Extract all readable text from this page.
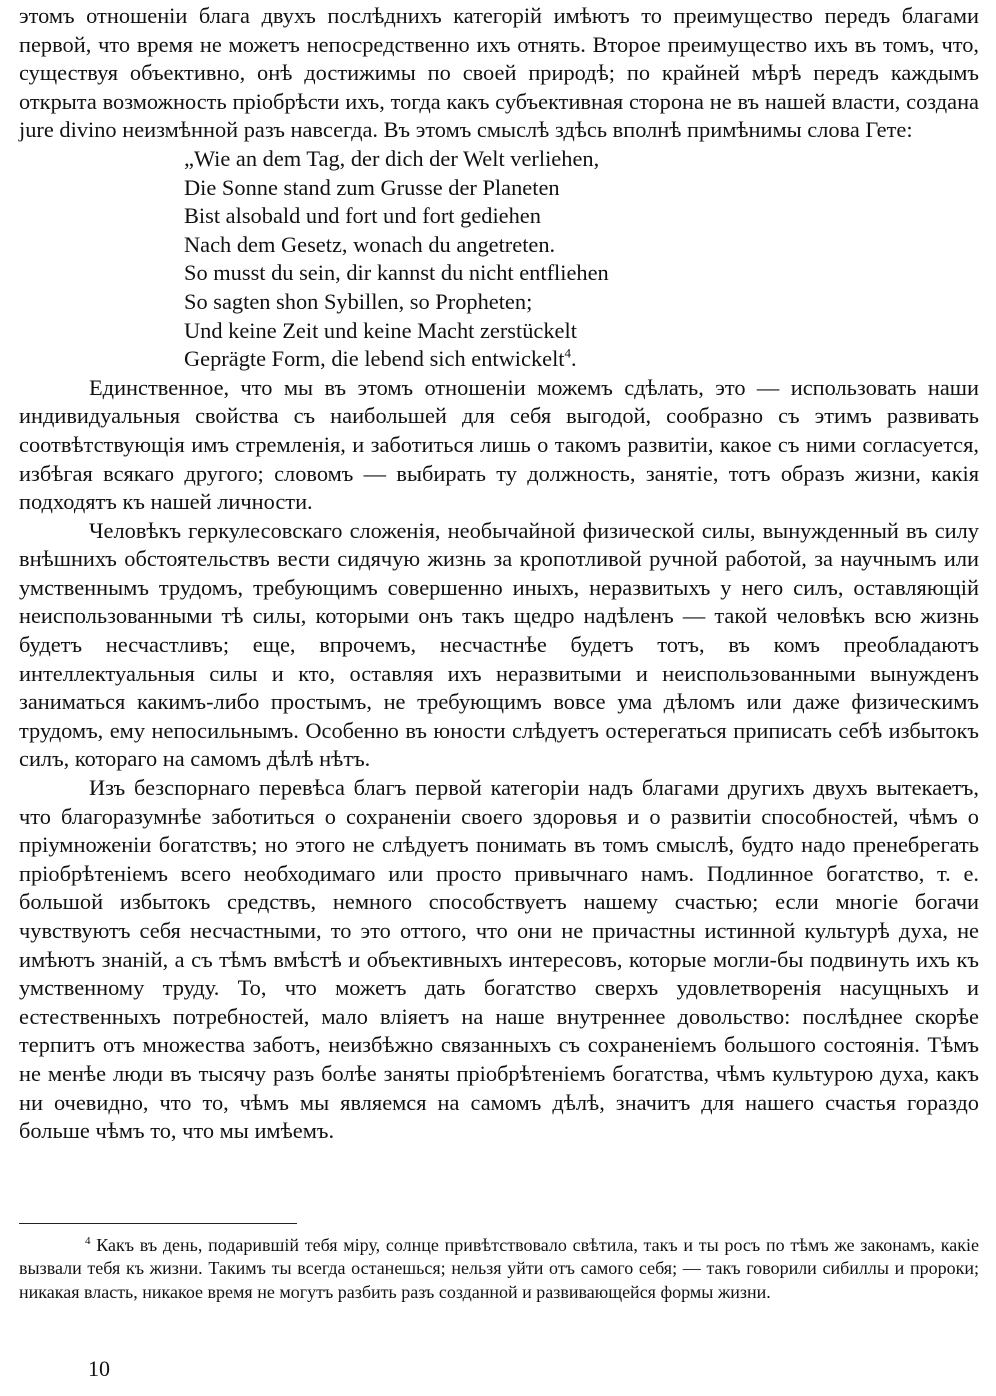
этомъ отношенiи блага двухъ послѣднихъ категорiй имѣютъ то преимущество передъ благами первой, что время не можетъ непосредственно ихъ отнять. Второе преимущество ихъ въ томъ, что, существуя объективно, онѣ достижимы по своей природѣ; по крайней мѣрѣ передъ каждымъ открыта возможность прiобрѣсти ихъ, тогда какъ субъективная сторона не въ нашей власти, создана jure divino неизмѣнной разъ навсегда. Въ этомъ смыслѣ здѣсь вполнѣ примѣнимы слова Гете:

„Wie an dem Tag, der dich der Welt verliehen,
Die Sonne stand zum Grusse der Planeten
Bist alsobald und fort und fort gediehen
Nach dem Gesetz, wonach du angetreten.
So musst du sein, dir kannst du nicht entfliehen
So sagten shon Sybillen, so Propheten;
Und keine Zeit und keine Macht zerstückelt
Geprägte Form, die lebend sich entwickelt$^4$.

Единственное, что мы въ этомъ отношенiи можемъ сдѣлать, это — использовать наши индивидуальныя свойства съ наибольшей для себя выгодой, сообразно съ этимъ развивать соотвѣтствующiя имъ стремленiя, и заботиться лишь о такомъ развитiи, какое съ ними согласуется, избѣгая всякаго другого; словомъ — выбирать ту должность, занятiе, тотъ образъ жизни, какiя подходятъ къ нашей личности.

Человѣкъ геркулесовскаго сложенiя, необычайной физической силы, вынужденный въ силу внѣшнихъ обстоятельствъ вести сидячую жизнь за кропотливой ручной работой, за научнымъ или умственнымъ трудомъ, требующимъ совершенно иныхъ, неразвитыхъ у него силъ, оставляющiй неиспользованными тѣ силы, которыми онъ такъ щедро надѣленъ — такой человѣкъ всю жизнь будетъ несчастливъ; еще, впрочемъ, несчастнѣе будетъ тотъ, въ комъ преобладаютъ интеллектуальныя силы и кто, оставляя ихъ неразвитыми и неиспользованными вынужденъ заниматься какимъ-либо простымъ, не требующимъ вовсе ума дѣломъ или даже физическимъ трудомъ, ему непосильнымъ. Особенно въ юности слѣдуетъ остерегаться приписать себѣ избытокъ силъ, котораго на самомъ дѣлѣ нѣтъ.

Изъ безспорнаго перевѣса благъ первой категорiи надъ благами другихъ двухъ вытекаетъ, что благоразумнѣе заботиться о сохраненiи своего здоровья и о развитiи способностей, чѣмъ о прiумноженiи богатствъ; но этого не слѣдуетъ понимать въ томъ смыслѣ, будто надо пренебрегать прiобрѣтенiемъ всего необходимаго или просто привычнаго намъ. Подлинное богатство, т. е. большой избытокъ средствъ, немного способствуетъ нашему счастью; если многiе богачи чувствуютъ себя несчастными, то это оттого, что они не причастны истинной культурѣ духа, не имѣютъ знанiй, а съ тѣмъ вмѣстѣ и объективныхъ интересовъ, которые могли-бы подвинуть ихъ къ умственному труду. То, что можетъ дать богатство сверхъ удовлетворенiя насущныхъ и естественныхъ потребностей, мало влiяетъ на наше внутреннее довольство: послѣднее скорѣе терпитъ отъ множества заботъ, неизбѣжно связанныхъ съ сохраненiемъ большого состоянiя. Тѣмъ не менѣе люди въ тысячу разъ болѣе заняты прiобрѣтенiемъ богатства, чѣмъ культурою духа, какъ ни очевидно, что то, чѣмъ мы являемся на самомъ дѣлѣ, значитъ для нашего счастья гораздо больше чѣмъ то, что мы имѣемъ.

$^4$ Какъ въ день, подарившiй тебя мiру, солнце привѣтствовало свѣтила, такъ и ты росъ по тѣмъ же законамъ, какiе вызвали тебя къ жизни. Такимъ ты всегда останешься; нельзя уйти отъ самого себя; — такъ говорили сибиллы и пророки; никакая власть, никакое время не могутъ разбить разъ созданной и развивающейся формы жизни.

10
